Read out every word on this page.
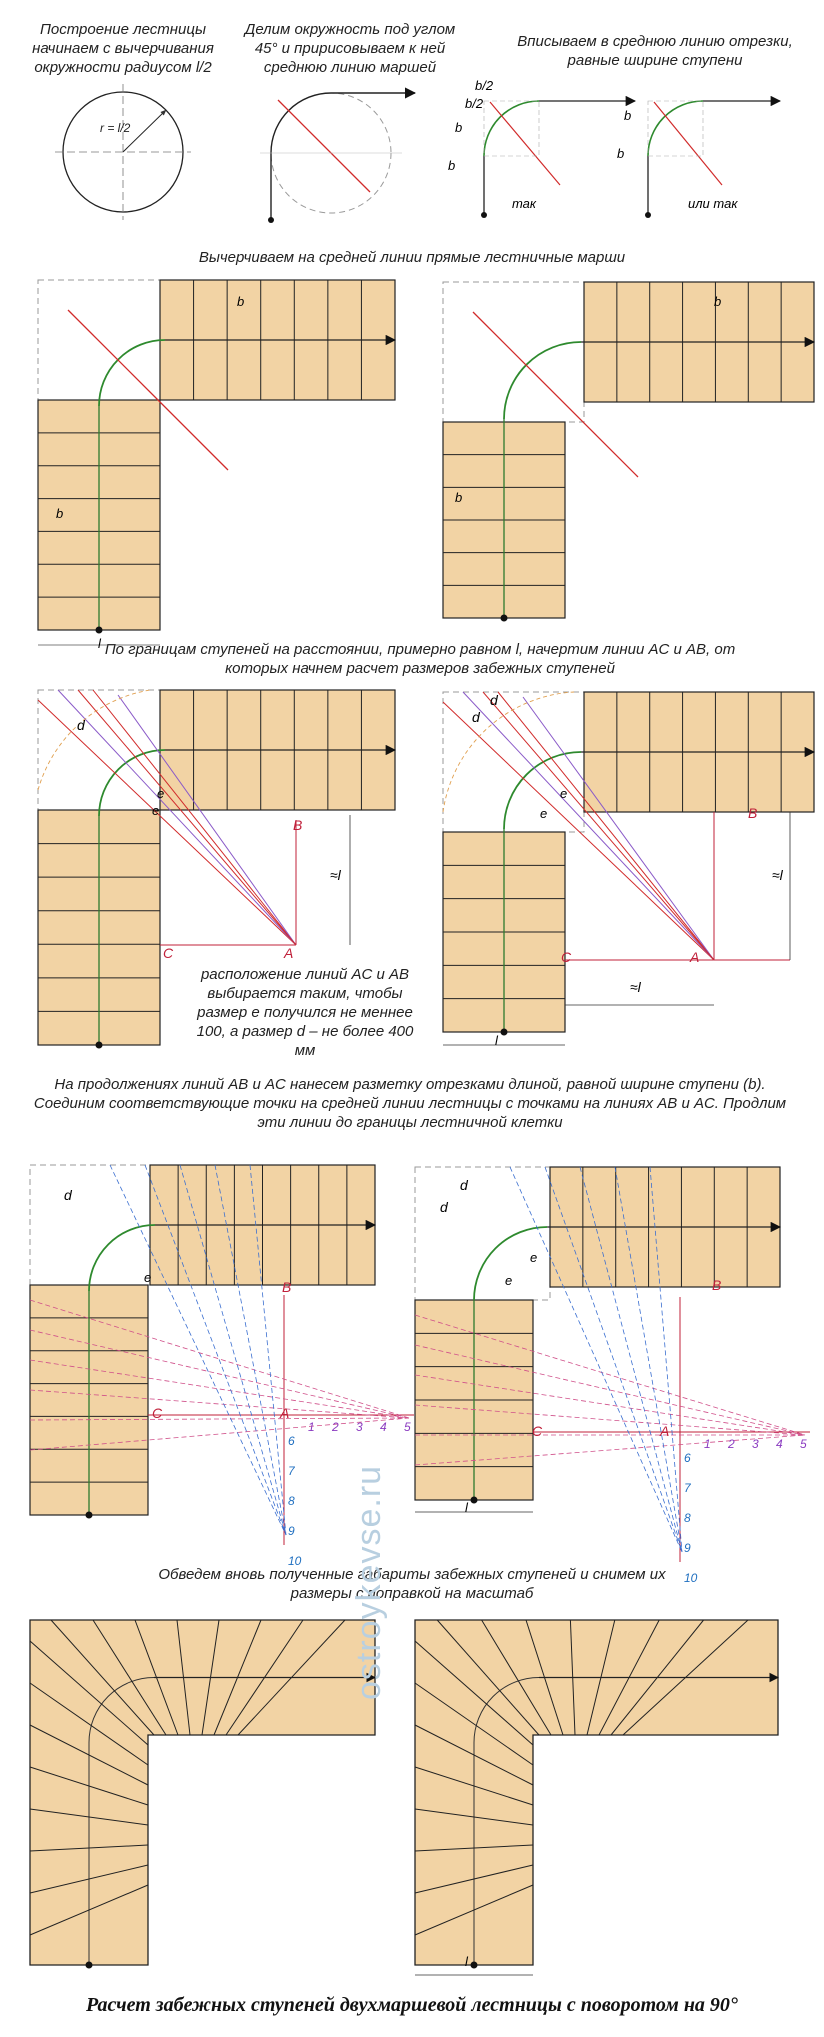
Построение лестницы начинаем с вычерчивания окружности радиусом l/2
Делим окружность под углом 45° и пририсовываем к ней среднюю линию маршей
Вписываем в среднюю линию отрезки, равные ширине ступени
Вычерчиваем на средней линии прямые лестничные марши
По границам ступеней на расстоянии, примерно равном l, начертим линии AC и AB, от которых начнем расчет размеров забежных ступеней
расположение линий AC и AB выбирается таким, чтобы размер e получился не меннее 100, а размер d – не более 400 мм
На продолжениях линий AB и AC нанесем разметку отрезками длиной, равной ширине ступени (b). Соединим соответствующие точки на средней линии лестницы с точками на линиях AB и AC. Продлим эти линии до границы лестничной клетки
Обведем вновь полученные габариты забежных ступеней и снимем их размеры с поправкой на масштаб
r = l/2
b/2
b/2
b
b
так
b
b
или так
b
b
l
b
b
d
e
e
B
C	A
≈l
d
d
e
e	B
C	A
≈l
≈l
l
1 2 3 4 5
6
7
8
9
10
1 2 3 4 5
6
7
8
9
10
d
e
B
C	A
d
d
e
e	B
C	A
l
l
ostroykevse.ru
Расчет забежных ступеней двухмаршевой лестницы с поворотом на 90°
